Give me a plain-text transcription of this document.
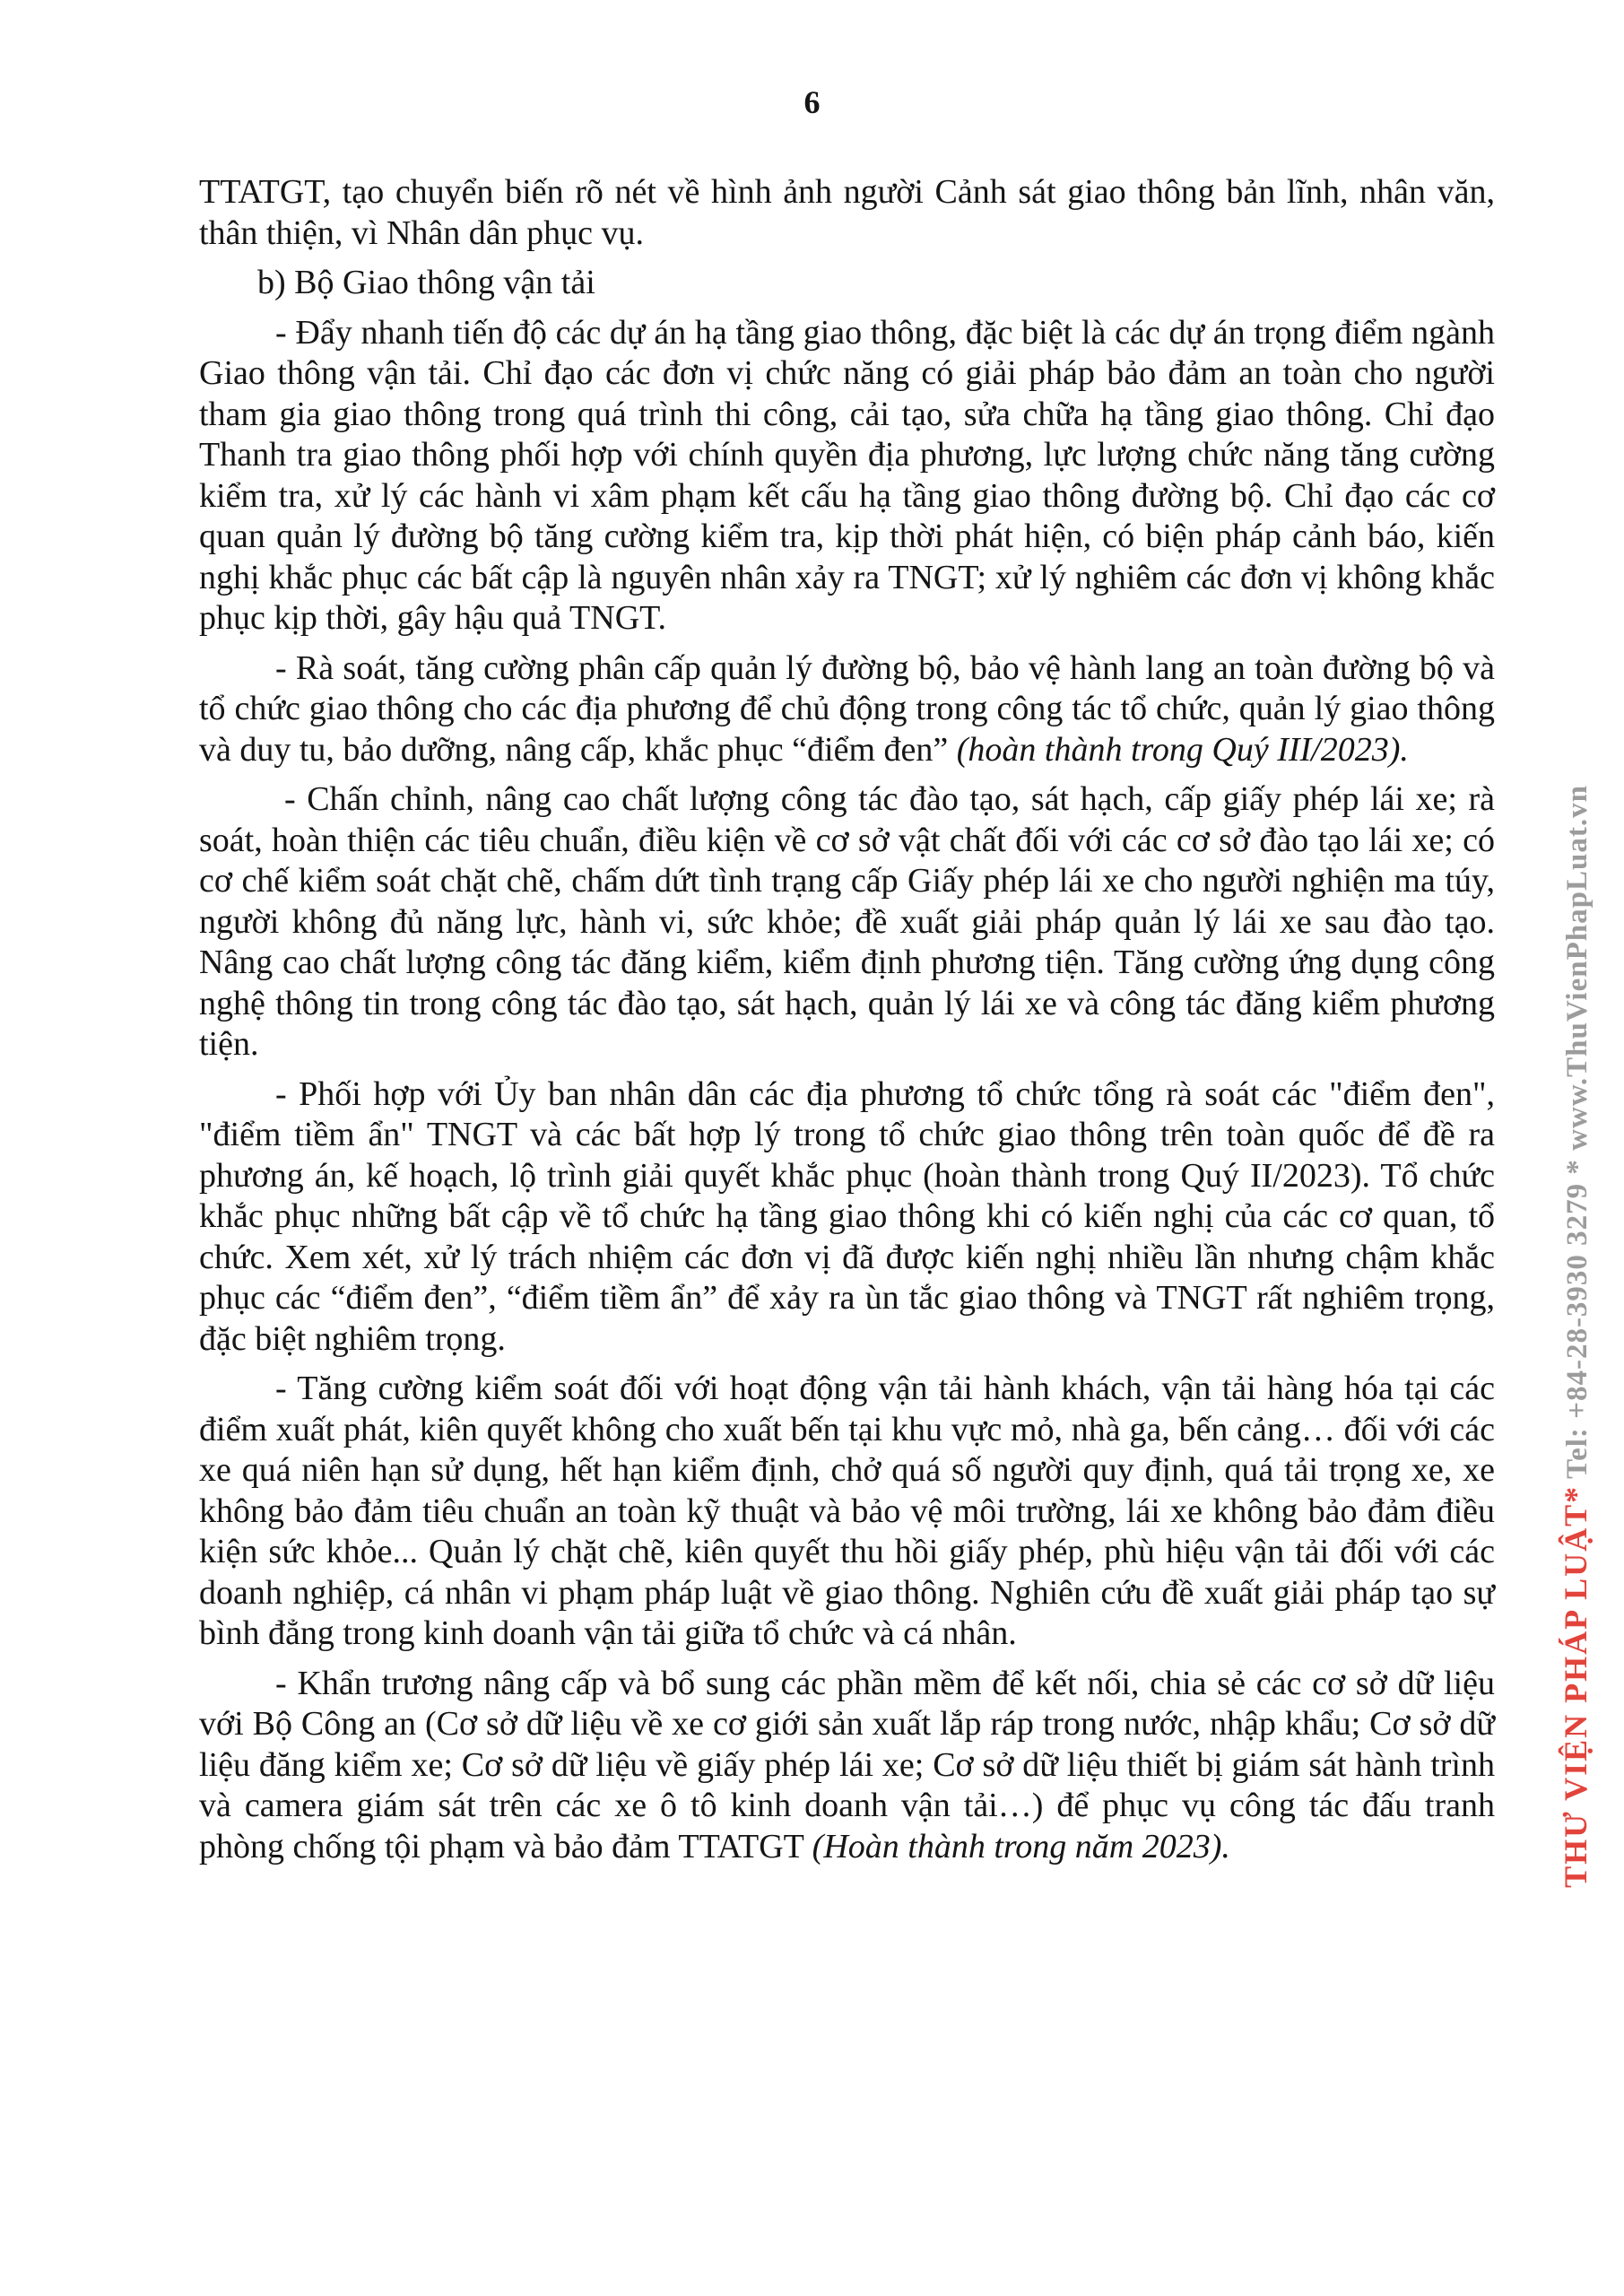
6

TTATGT, tạo chuyển biến rõ nét về hình ảnh người Cảnh sát giao thông bản lĩnh, nhân văn, thân thiện, vì Nhân dân phục vụ.

b) Bộ Giao thông vận tải

- Đẩy nhanh tiến độ các dự án hạ tầng giao thông, đặc biệt là các dự án trọng điểm ngành Giao thông vận tải. Chỉ đạo các đơn vị chức năng có giải pháp bảo đảm an toàn cho người tham gia giao thông trong quá trình thi công, cải tạo, sửa chữa hạ tầng giao thông. Chỉ đạo Thanh tra giao thông phối hợp với chính quyền địa phương, lực lượng chức năng tăng cường kiểm tra, xử lý các hành vi xâm phạm kết cấu hạ tầng giao thông đường bộ. Chỉ đạo các cơ quan quản lý đường bộ tăng cường kiểm tra, kịp thời phát hiện, có biện pháp cảnh báo, kiến nghị khắc phục các bất cập là nguyên nhân xảy ra TNGT; xử lý nghiêm các đơn vị không khắc phục kịp thời, gây hậu quả TNGT.

- Rà soát, tăng cường phân cấp quản lý đường bộ, bảo vệ hành lang an toàn đường bộ và tổ chức giao thông cho các địa phương để chủ động trong công tác tổ chức, quản lý giao thông và duy tu, bảo dưỡng, nâng cấp, khắc phục “điểm đen” (hoàn thành trong Quý III/2023).

- Chấn chỉnh, nâng cao chất lượng công tác đào tạo, sát hạch, cấp giấy phép lái xe; rà soát, hoàn thiện các tiêu chuẩn, điều kiện về cơ sở vật chất đối với các cơ sở đào tạo lái xe; có cơ chế kiểm soát chặt chẽ, chấm dứt tình trạng cấp Giấy phép lái xe cho người nghiện ma túy, người không đủ năng lực, hành vi, sức khỏe; đề xuất giải pháp quản lý lái xe sau đào tạo. Nâng cao chất lượng công tác đăng kiểm, kiểm định phương tiện. Tăng cường ứng dụng công nghệ thông tin trong công tác đào tạo, sát hạch, quản lý lái xe và công tác đăng kiểm phương tiện.

- Phối hợp với Ủy ban nhân dân các địa phương tổ chức tổng rà soát các "điểm đen", "điểm tiềm ẩn" TNGT và các bất hợp lý trong tổ chức giao thông trên toàn quốc để đề ra phương án, kế hoạch, lộ trình giải quyết khắc phục (hoàn thành trong Quý II/2023). Tổ chức khắc phục những bất cập về tổ chức hạ tầng giao thông khi có kiến nghị của các cơ quan, tổ chức. Xem xét, xử lý trách nhiệm các đơn vị đã được kiến nghị nhiều lần nhưng chậm khắc phục các “điểm đen”, “điểm tiềm ẩn” để xảy ra ùn tắc giao thông và TNGT rất nghiêm trọng, đặc biệt nghiêm trọng.

- Tăng cường kiểm soát đối với hoạt động vận tải hành khách, vận tải hàng hóa tại các điểm xuất phát, kiên quyết không cho xuất bến tại khu vực mỏ, nhà ga, bến cảng… đối với các xe quá niên hạn sử dụng, hết hạn kiểm định, chở quá số người quy định, quá tải trọng xe, xe không bảo đảm tiêu chuẩn an toàn kỹ thuật và bảo vệ môi trường, lái xe không bảo đảm điều kiện sức khỏe... Quản lý chặt chẽ, kiên quyết thu hồi giấy phép, phù hiệu vận tải đối với các doanh nghiệp, cá nhân vi phạm pháp luật về giao thông. Nghiên cứu đề xuất giải pháp tạo sự bình đẳng trong kinh doanh vận tải giữa tổ chức và cá nhân.

- Khẩn trương nâng cấp và bổ sung các phần mềm để kết nối, chia sẻ các cơ sở dữ liệu với Bộ Công an (Cơ sở dữ liệu về xe cơ giới sản xuất lắp ráp trong nước, nhập khẩu; Cơ sở dữ liệu đăng kiểm xe; Cơ sở dữ liệu về giấy phép lái xe; Cơ sở dữ liệu thiết bị giám sát hành trình và camera giám sát trên các xe ô tô kinh doanh vận tải…) để phục vụ công tác đấu tranh phòng chống tội phạm và bảo đảm TTATGT (Hoàn thành trong năm 2023).	THƯ VIỆN PHÁP LUẬT* Tel: +84-28-3930 3279 * www.ThuVienPhapLuat.vn
